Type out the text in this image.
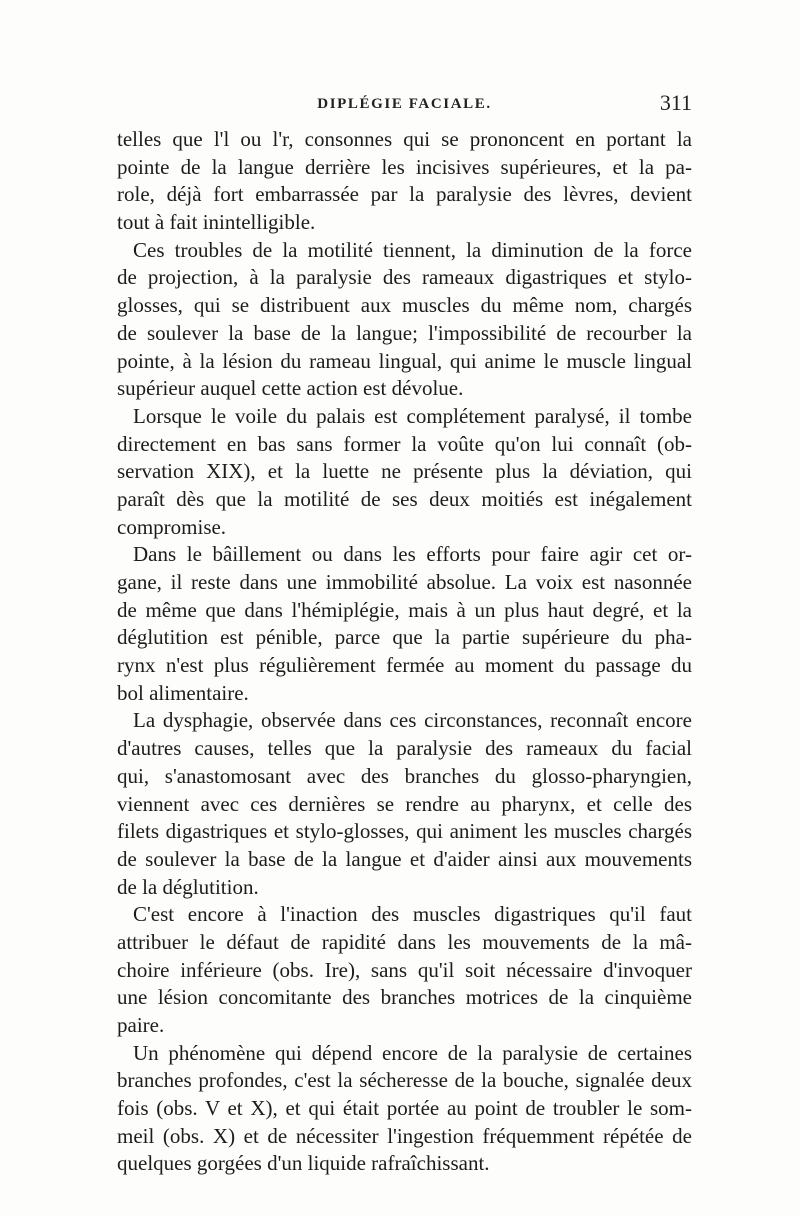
DIPLÉGIE FACIALE.	311
telles que l'l ou l'r, consonnes qui se prononcent en portant la
pointe de la langue derrière les incisives supérieures, et la pa-
role, déjà fort embarrassée par la paralysie des lèvres, devient
tout à fait inintelligible.
Ces troubles de la motilité tiennent, la diminution de la force
de projection, à la paralysie des rameaux digastriques et stylo-
glosses, qui se distribuent aux muscles du même nom, chargés
de soulever la base de la langue; l'impossibilité de recourber la
pointe, à la lésion du rameau lingual, qui anime le muscle lingual
supérieur auquel cette action est dévolue.
Lorsque le voile du palais est complétement paralysé, il tombe
directement en bas sans former la voûte qu'on lui connaît (ob-
servation XIX), et la luette ne présente plus la déviation, qui
paraît dès que la motilité de ses deux moitiés est inégalement
compromise.
Dans le bâillement ou dans les efforts pour faire agir cet or-
gane, il reste dans une immobilité absolue. La voix est nasonnée
de même que dans l'hémiplégie, mais à un plus haut degré, et la
déglutition est pénible, parce que la partie supérieure du pha-
rynx n'est plus régulièrement fermée au moment du passage du
bol alimentaire.
La dysphagie, observée dans ces circonstances, reconnaît encore
d'autres causes, telles que la paralysie des rameaux du facial
qui, s'anastomosant avec des branches du glosso-pharyngien,
viennent avec ces dernières se rendre au pharynx, et celle des
filets digastriques et stylo-glosses, qui animent les muscles chargés
de soulever la base de la langue et d'aider ainsi aux mouvements
de la déglutition.
C'est encore à l'inaction des muscles digastriques qu'il faut
attribuer le défaut de rapidité dans les mouvements de la mâ-
choire inférieure (obs. Ire), sans qu'il soit nécessaire d'invoquer
une lésion concomitante des branches motrices de la cinquième
paire.
Un phénomène qui dépend encore de la paralysie de certaines
branches profondes, c'est la sécheresse de la bouche, signalée deux
fois (obs. V et X), et qui était portée au point de troubler le som-
meil (obs. X) et de nécessiter l'ingestion fréquemment répétée de
quelques gorgées d'un liquide rafraîchissant.
